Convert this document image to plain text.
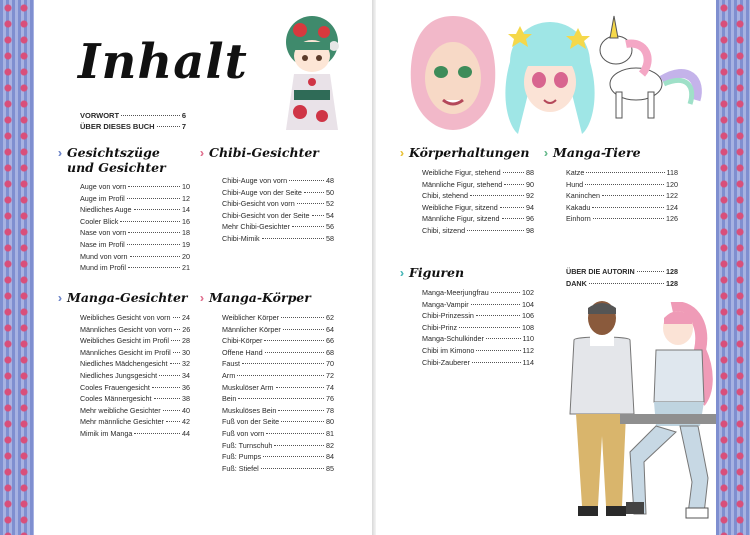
Inhalt
VORWORT	6
ÜBER DIESES BUCH	7
Gesichtszüge
und Gesichter
Auge von vorn	10
Auge im Profil	12
Niedliches Auge	14
Cooler Blick	16
Nase von vorn	18
Nase im Profil	19
Mund von vorn	20
Mund im Profil	21
Chibi-Gesichter
Chibi-Auge von vorn	48
Chibi-Auge von der Seite	50
Chibi-Gesicht von vorn	52
Chibi-Gesicht von der Seite 54
Mehr Chibi-Gesichter	56
Chibi-Mimik	58
Manga-Gesichter
Weibliches Gesicht von vorn 24
Männliches Gesicht von vorn 26
Weibliches Gesicht im Profil 28
Männliches Gesicht im Profil 30
Niedliches Mädchengesicht 32
Niedliches Jungsgesicht	34
Cooles Frauengesicht	36
Cooles Männergesicht	38
Mehr weibliche Gesichter	40
Mehr männliche Gesichter	42
Mimik im Manga	44
Manga-Körper
Weiblicher Körper	62
Männlicher Körper	64
Chibi-Körper	66
Offene Hand	68
Faust	70
Arm	72
Muskulöser Arm	74
Bein	76
Muskulöses Bein	78
Fuß von der Seite	80
Fuß von vorn	81
Fuß: Turnschuh	82
Fuß: Pumps	84
Fuß: Stiefel	85
Körperhaltungen
Weibliche Figur, stehend	88
Männliche Figur, stehend	90
Chibi, stehend	92
Weibliche Figur, sitzend	94
Männliche Figur, sitzend	96
Chibi, sitzend	98
Manga-Tiere
Katze	118
Hund	120
Kaninchen	122
Kakadu	124
Einhorn	126
ÜBER DIE AUTORIN	128
DANK	128
Figuren
Manga-Meerjungfrau	102
Manga-Vampir	104
Chibi-Prinzessin	106
Chibi-Prinz	108
Manga-Schulkinder	110
Chibi im Kimono	112
Chibi-Zauberer	114
